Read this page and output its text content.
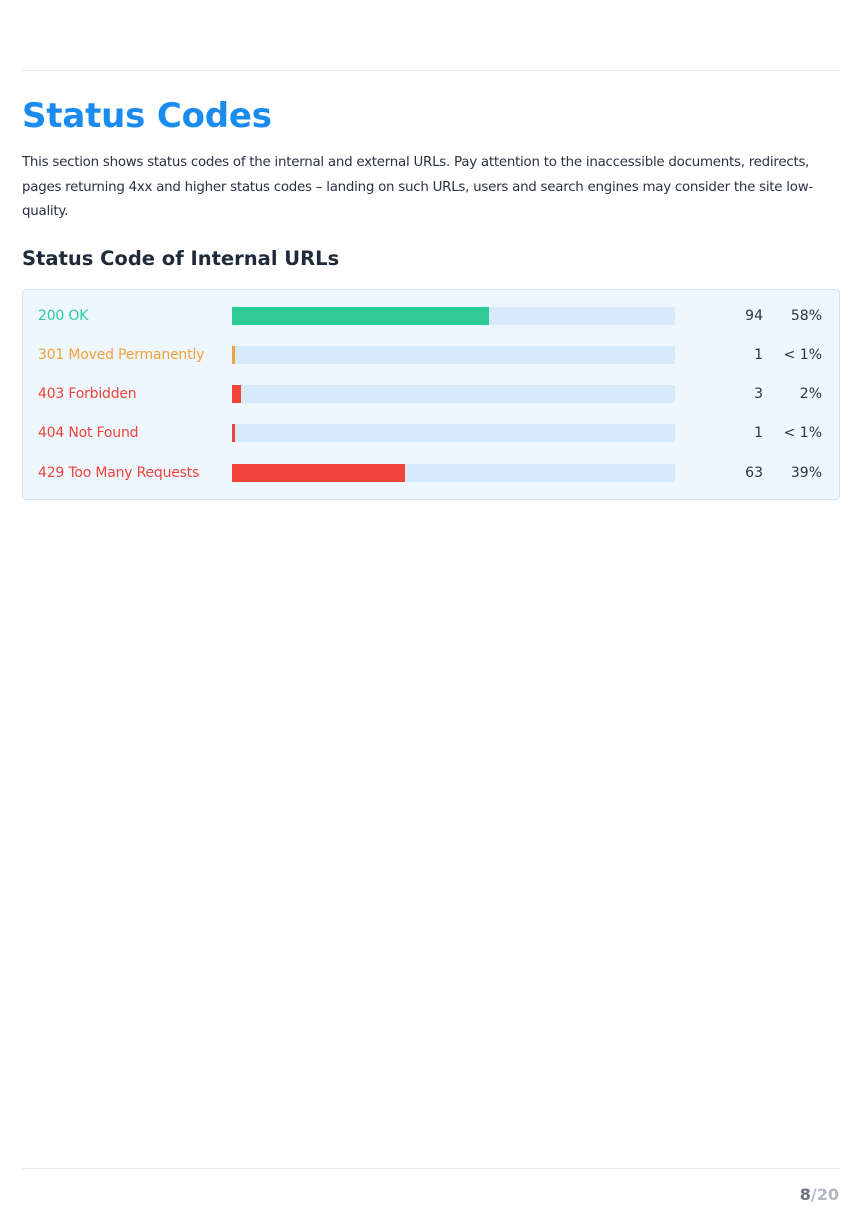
Status Codes

This section shows status codes of the internal and external URLs. Pay attention to the inaccessible documents, redirects, pages returning 4xx and higher status codes – landing on such URLs, users and search engines may consider the site low-quality.

Status Code of Internal URLs
200 OK	94 58%
301 Moved Permanently	1 < 1%
403 Forbidden	3	2%
404 Not Found	1 < 1%
429 Too Many Requests	63 39%
8/20
